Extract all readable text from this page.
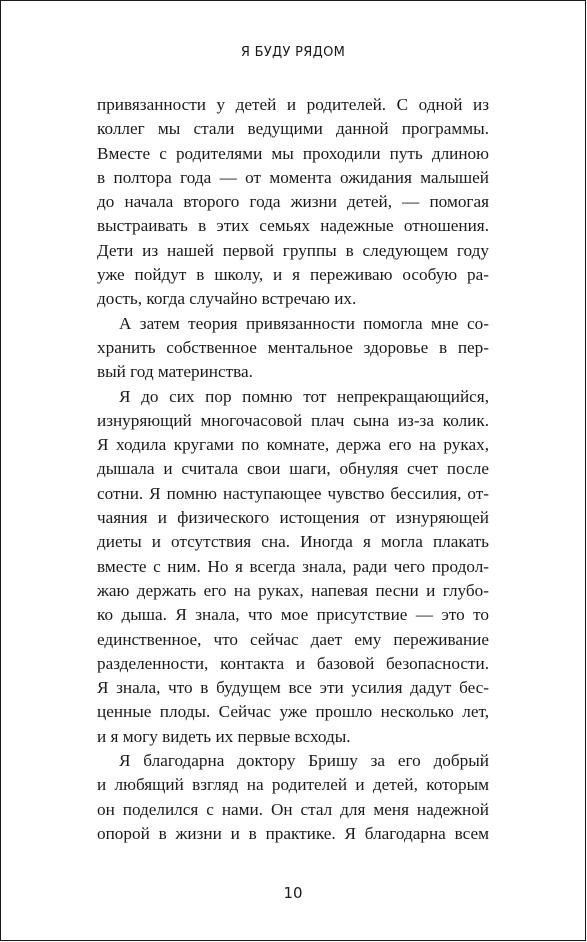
Я БУДУ РЯДОМ
привязанности у детей и родителей. С одной из
коллег мы стали ведущими данной программы.
Вместе с родителями мы проходили путь длиною
в полтора года — от момента ожидания малышей
до начала второго года жизни детей, — помогая
выстраивать в этих семьях надежные отношения.
Дети из нашей первой группы в следующем году
уже пойдут в школу, и я переживаю особую ра-
дость, когда случайно встречаю их.
А затем теория привязанности помогла мне со-
хранить собственное ментальное здоровье в пер-
вый год материнства.
Я до сих пор помню тот непрекращающийся,
изнуряющий многочасовой плач сына из-за колик.
Я ходила кругами по комнате, держа его на руках,
дышала и считала свои шаги, обнуляя счет после
сотни. Я помню наступающее чувство бессилия, от-
чаяния и физического истощения от изнуряющей
диеты и отсутствия сна. Иногда я могла плакать
вместе с ним. Но я всегда знала, ради чего продол-
жаю держать его на руках, напевая песни и глубо-
ко дыша. Я знала, что мое присутствие — это то
единственное, что сейчас дает ему переживание
разделенности, контакта и базовой безопасности.
Я знала, что в будущем все эти усилия дадут бес-
ценные плоды. Сейчас уже прошло несколько лет,
и я могу видеть их первые всходы.
Я благодарна доктору Бришу за его добрый
и любящий взгляд на родителей и детей, которым
он поделился с нами. Он стал для меня надежной
опорой в жизни и в практике. Я благодарна всем
10
